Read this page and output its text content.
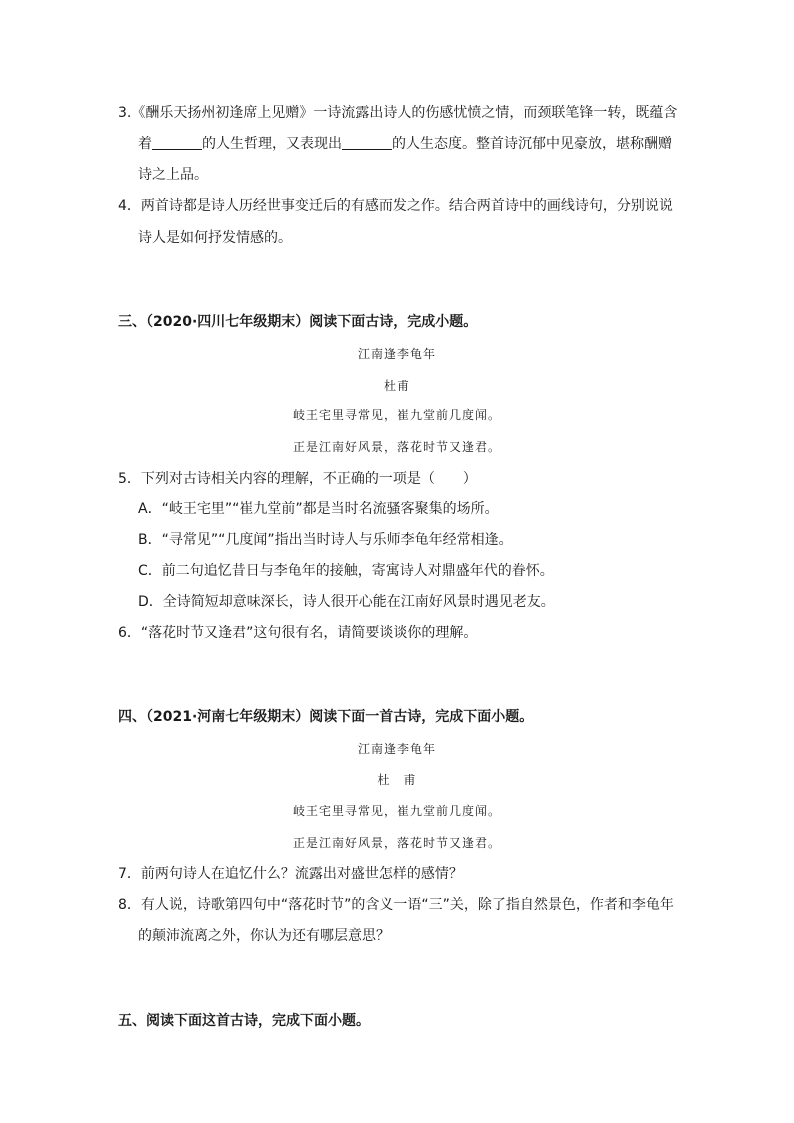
3.《酬乐天扬州初逢席上见赠》一诗流露出诗人的伤感忧愤之情，而颈联笔锋一转，既蕴含
着	的人生哲理，又表现出	的人生态度。整首诗沉郁中见豪放，堪称酬赠
诗之上品。
4．两首诗都是诗人历经世事变迁后的有感而发之作。结合两首诗中的画线诗句，分别说说
诗人是如何抒发情感的。
三、（2020·四川七年级期末）阅读下面古诗，完成小题。
江南逢李龟年
杜甫
岐王宅里寻常见，崔九堂前几度闻。
正是江南好风景，落花时节又逢君。
5．下列对古诗相关内容的理解，不正确的一项是（　　）
A．“岐王宅里”“崔九堂前”都是当时名流骚客聚集的场所。
B．“寻常见”“几度闻”指出当时诗人与乐师李龟年经常相逢。
C．前二句追忆昔日与李龟年的接触，寄寓诗人对鼎盛年代的眷怀。
D．全诗简短却意味深长，诗人很开心能在江南好风景时遇见老友。
6．“落花时节又逢君”这句很有名，请简要谈谈你的理解。
四、（2021·河南七年级期末）阅读下面一首古诗，完成下面小题。
江南逢李龟年
杜　甫
岐王宅里寻常见，崔九堂前几度闻。
正是江南好风景，落花时节又逢君。
7．前两句诗人在追忆什么？流露出对盛世怎样的感情？
8．有人说，诗歌第四句中“落花时节”的含义一语“三”关，除了指自然景色，作者和李龟年
的颠沛流离之外，你认为还有哪层意思？
五、阅读下面这首古诗，完成下面小题。
